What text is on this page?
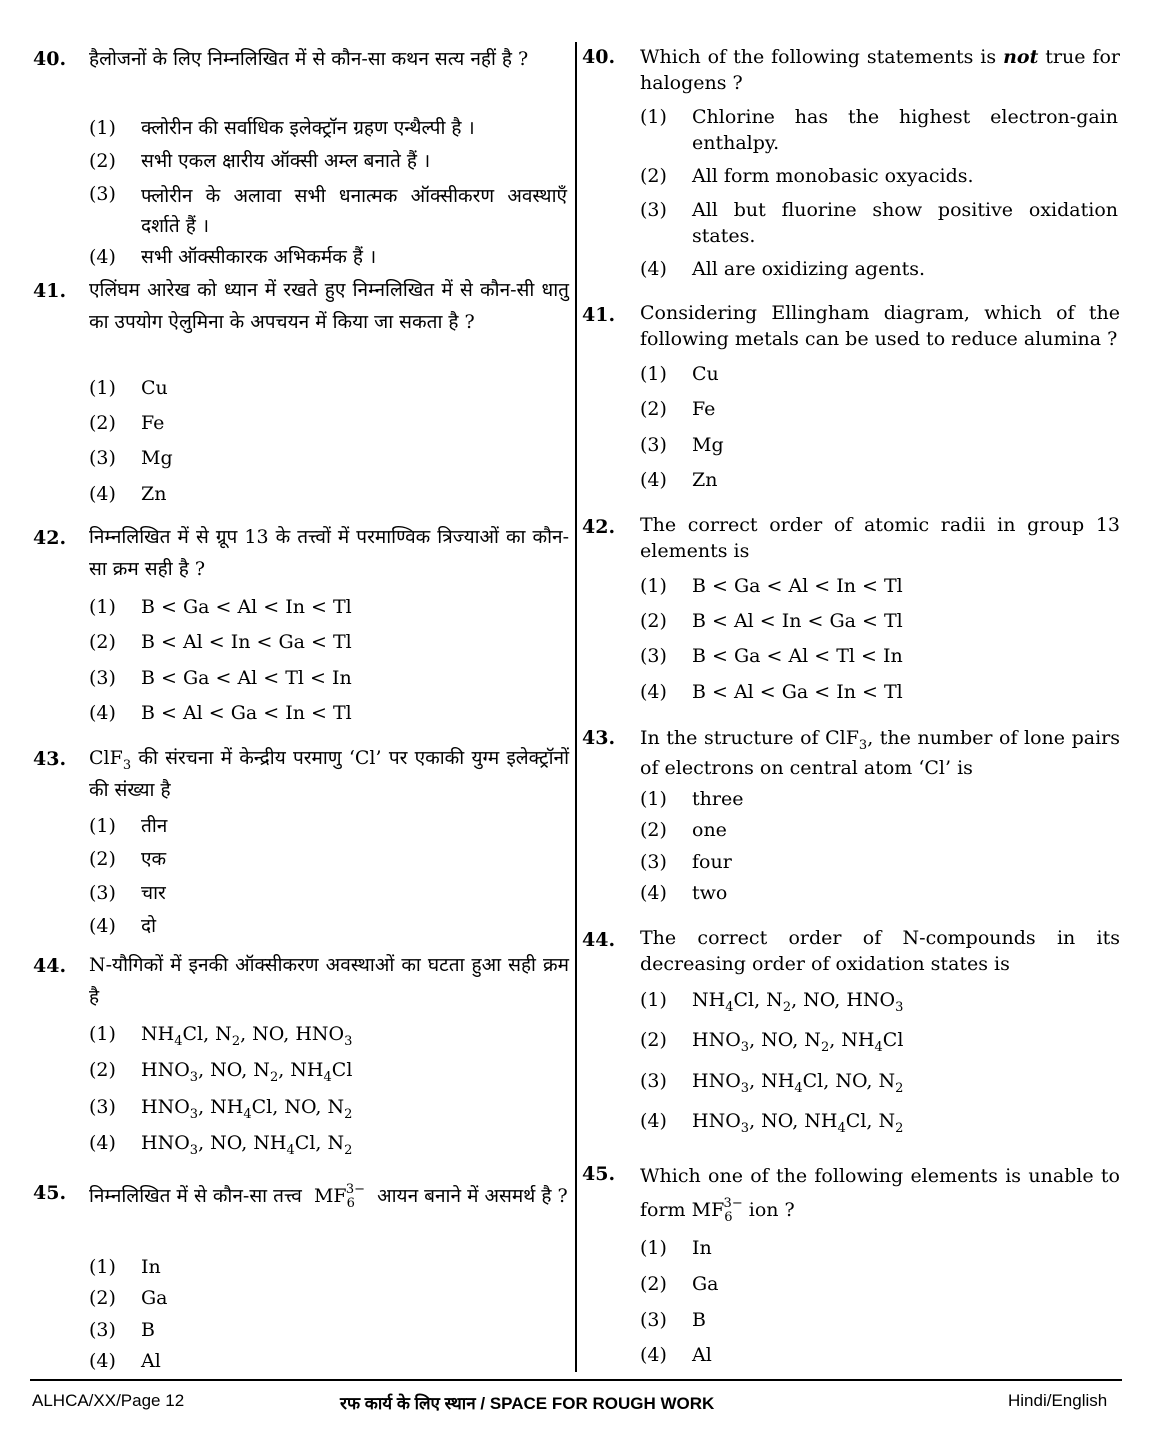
40. हैलोजनों के लिए निम्नलिखित में से कौन-सा कथन सत्य नहीं है ?
(1) क्लोरीन की सर्वाधिक इलेक्ट्रॉन ग्रहण एन्थैल्पी है ।
(2) सभी एकल क्षारीय ऑक्सी अम्ल बनाते हैं ।
(3) फ्लोरीन के अलावा सभी धनात्मक ऑक्सीकरण अवस्थाएँ दर्शाते हैं ।
(4) सभी ऑक्सीकारक अभिकर्मक हैं ।
41. एलिंघम आरेख को ध्यान में रखते हुए निम्नलिखित में से कौन-सी धातु का उपयोग ऐलुमिना के अपचयन में किया जा सकता है ?
(1) Cu
(2) Fe
(3) Mg
(4) Zn
42. निम्नलिखित में से ग्रूप 13 के तत्त्वों में परमाण्विक त्रिज्याओं का कौन-सा क्रम सही है ?
(1) B < Ga < Al < In < Tl
(2) B < Al < In < Ga < Tl
(3) B < Ga < Al < Tl < In
(4) B < Al < Ga < In < Tl
43. ClF$_3$ की संरचना में केन्द्रीय परमाणु ‘Cl’ पर एकाकी युग्म इलेक्ट्रॉनों की संख्या है
(1) तीन
(2) एक
(3) चार
(4) दो
44. N-यौगिकों में इनकी ऑक्सीकरण अवस्थाओं का घटता हुआ सही क्रम है
(1) $NH_4Cl$, $N_2$, NO, $HNO_3$
(2) $HNO_3$, NO, $N_2$, $NH_4Cl$
(3) $HNO_3$, $NH_4Cl$, NO, $N_2$
(4) $HNO_3$, NO, $NH_4Cl$, $N_2$
45. निम्नलिखित में से कौन-सा तत्त्व $MF_6^{3-}$ आयन बनाने में असमर्थ है ?
(1) In
(2) Ga
(3) B
(4) Al
40. Which of the following statements is not true for halogens ?
(1) Chlorine has the highest electron-gain enthalpy.
(2) All form monobasic oxyacids.
(3) All but fluorine show positive oxidation states.
(4) All are oxidizing agents.
41. Considering Ellingham diagram, which of the following metals can be used to reduce alumina ?
(1) Cu
(2) Fe
(3) Mg
(4) Zn
42. The correct order of atomic radii in group 13 elements is
(1) B < Ga < Al < In < Tl
(2) B < Al < In < Ga < Tl
(3) B < Ga < Al < Tl < In
(4) B < Al < Ga < In < Tl
43. In the structure of ClF$_3$, the number of lone pairs of electrons on central atom ‘Cl’ is
(1) three
(2) one
(3) four
(4) two
44. The correct order of N-compounds in its decreasing order of oxidation states is
(1) $NH_4Cl$, $N_2$, NO, $HNO_3$
(2) $HNO_3$, NO, $N_2$, $NH_4Cl$
(3) $HNO_3$, $NH_4Cl$, NO, $N_2$
(4) $HNO_3$, NO, $NH_4Cl$, $N_2$
45. Which one of the following elements is unable to form $MF_6^{3-}$ ion ?
(1) In
(2) Ga
(3) B
(4) Al
ALHCA/XX/Page 12	रफ कार्य के लिए स्थान / SPACE FOR ROUGH WORK	Hindi/English
